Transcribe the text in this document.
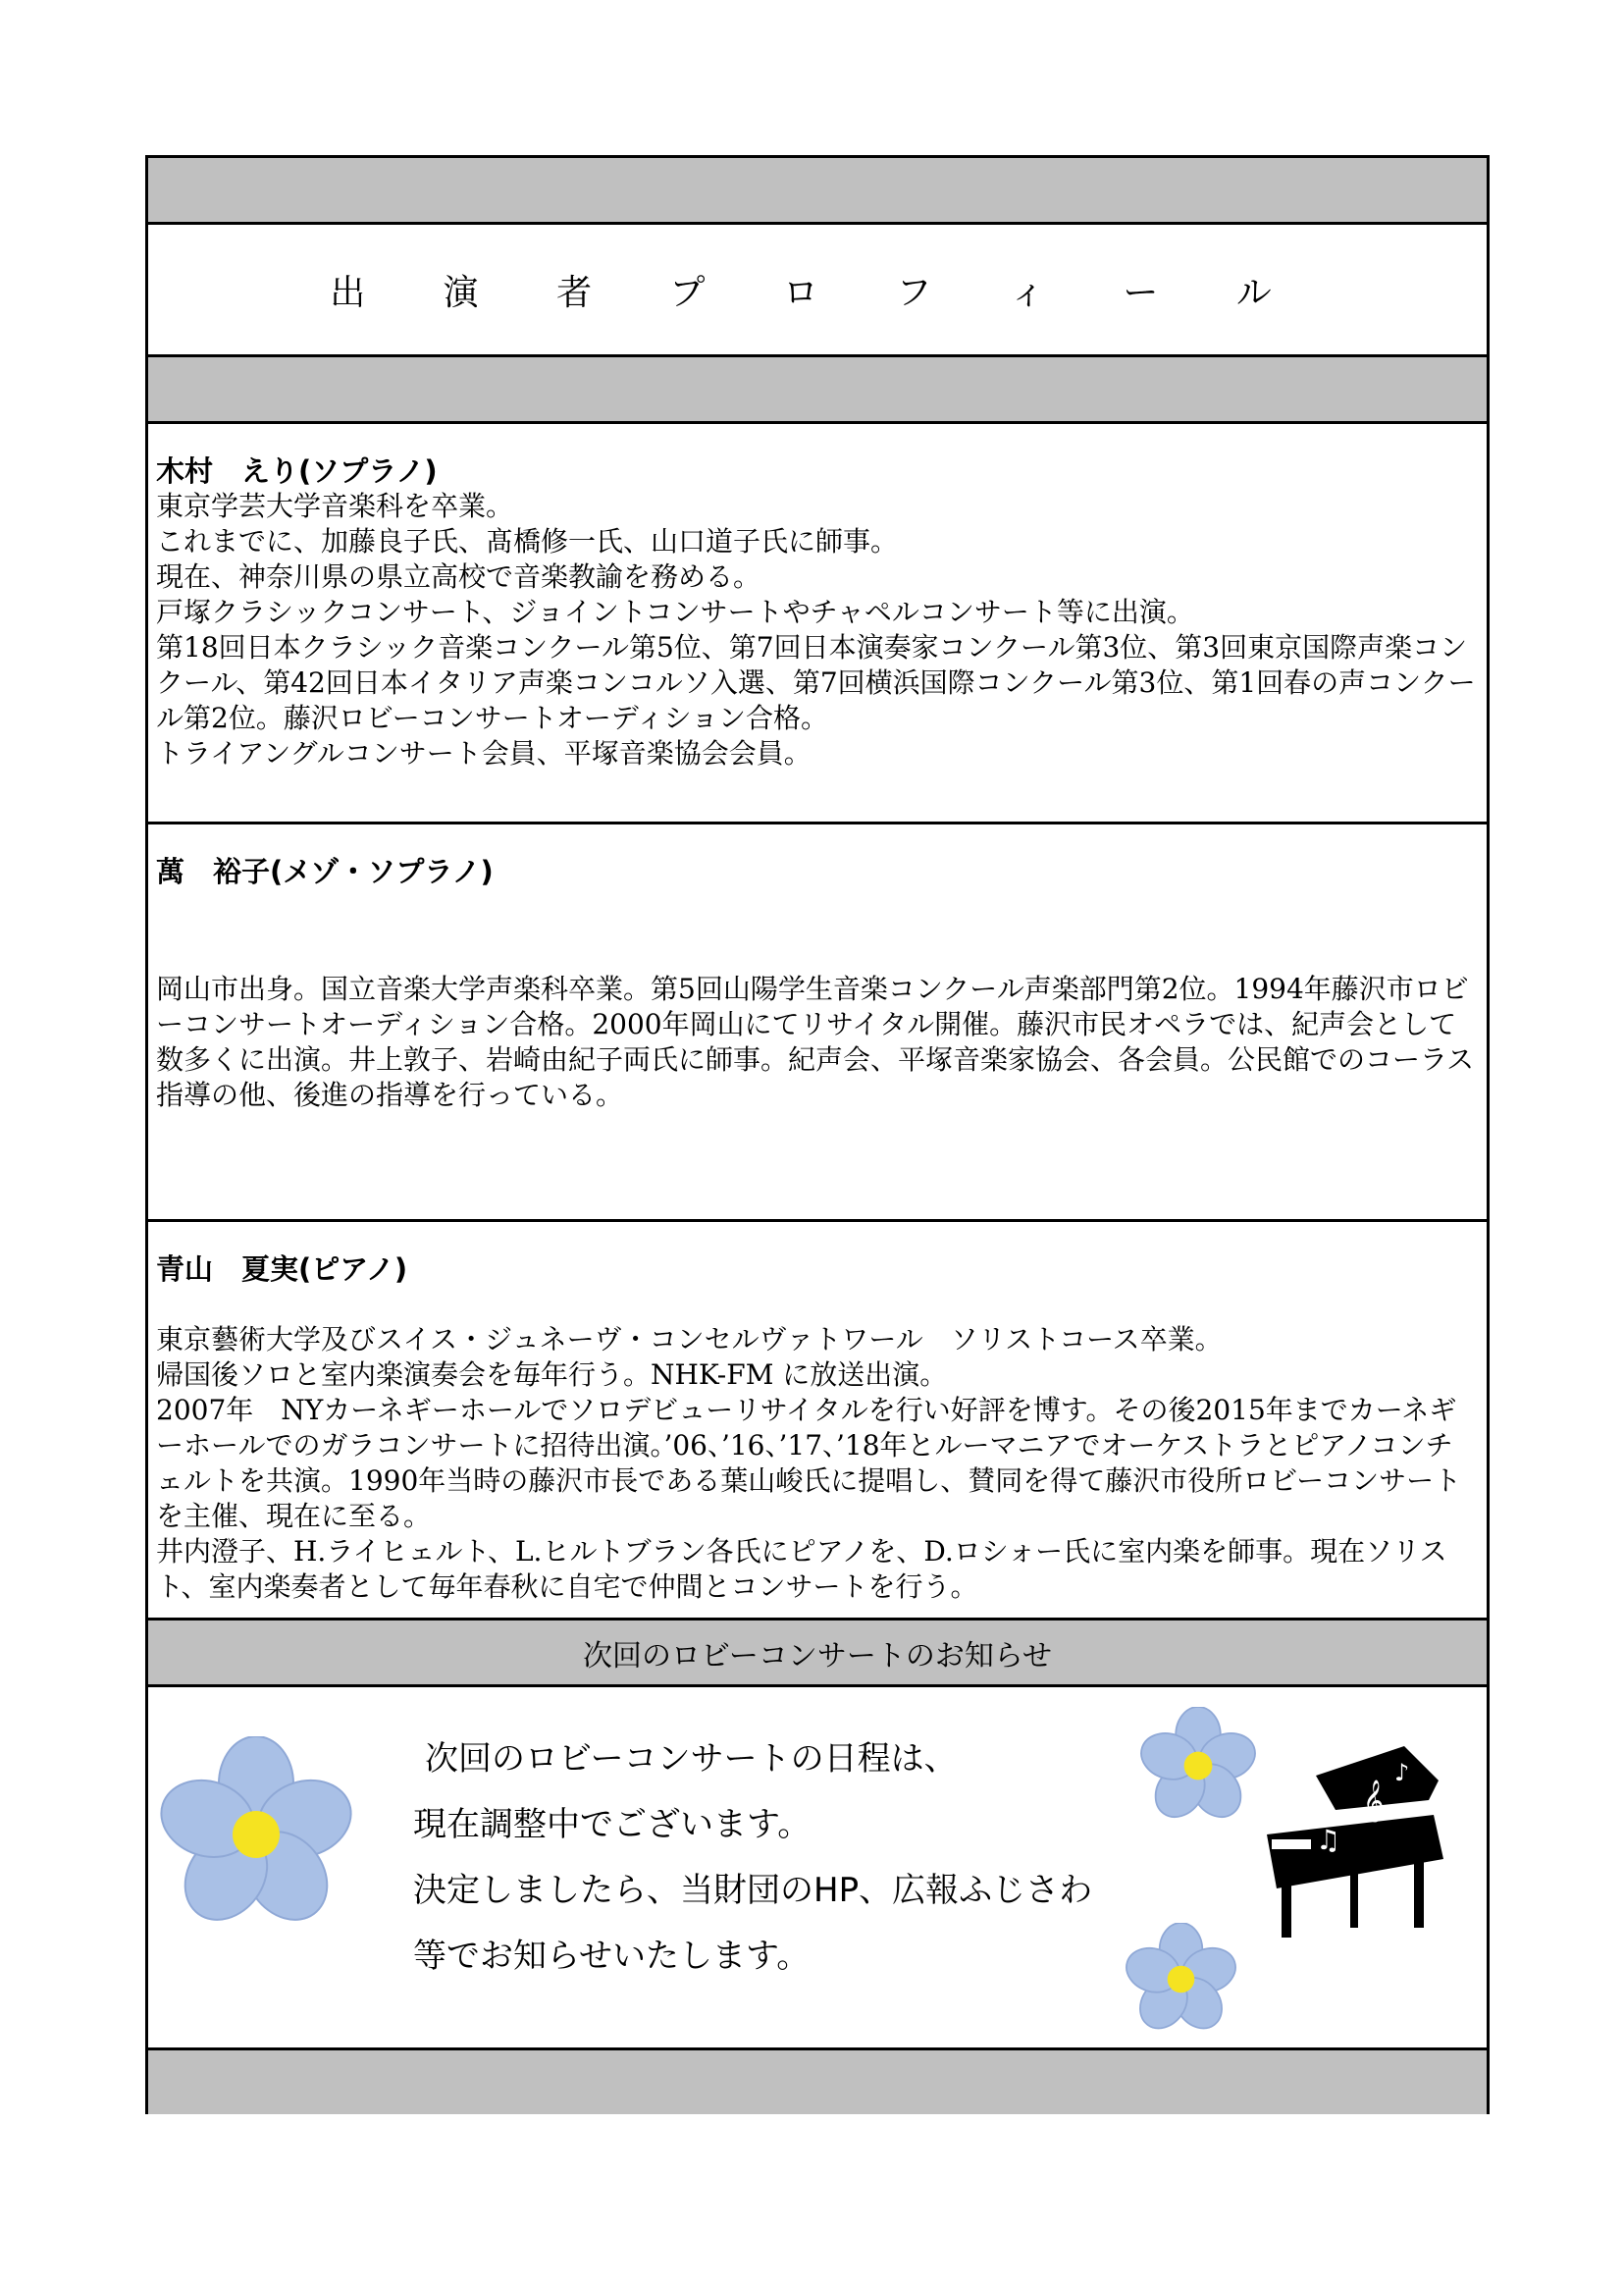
出 演 者 プ ロ フ ィ ー ル
木村　えり(ソプラノ)

東京学芸大学音楽科を卒業。

これまでに、加藤良子氏、髙橋修一氏、山口道子氏に師事。

現在、神奈川県の県立高校で音楽教諭を務める。

戸塚クラシックコンサート、ジョイントコンサートやチャペルコンサート等に出演。

第18回日本クラシック音楽コンクール第5位、第7回日本演奏家コンクール第3位、第3回東京国際声楽コンクール、第42回日本イタリア声楽コンコルソ入選、第7回横浜国際コンクール第3位、第1回春の声コンクール第2位。藤沢ロビーコンサートオーディション合格。

トライアングルコンサート会員、平塚音楽協会会員。

萬　裕子(メゾ・ソプラノ)

岡山市出身。国立音楽大学声楽科卒業。第5回山陽学生音楽コンクール声楽部門第2位。1994年藤沢市ロビーコンサートオーディション合格。2000年岡山にてリサイタル開催。藤沢市民オペラでは、紀声会として数多くに出演。井上敦子、岩崎由紀子両氏に師事。紀声会、平塚音楽家協会、各会員。公民館でのコーラス指導の他、後進の指導を行っている。

青山　夏実(ピアノ)

東京藝術大学及びスイス・ジュネーヴ・コンセルヴァトワール　ソリストコース卒業。

帰国後ソロと室内楽演奏会を毎年行う。NHK-FM に放送出演。

2007年　NYカーネギーホールでソロデビューリサイタルを行い好評を博す。その後2015年までカーネギーホールでのガラコンサートに招待出演。’06、’16、’17、’18年とルーマニアでオーケストラとピアノコンチェルトを共演。1990年当時の藤沢市長である葉山峻氏に提唱し、賛同を得て藤沢市役所ロビーコンサートを主催、現在に至る。

井内澄子、H.ライヒェルト、L.ヒルトブラン各氏にピアノを、D.ロシォー氏に室内楽を師事。現在ソリスト、室内楽奏者として毎年春秋に自宅で仲間とコンサートを行う。

次回のロビーコンサートのお知らせ
次回のロビーコンサートの日程は、
現在調整中でございます。
決定しましたら、当財団のHP、広報ふじさわ
等でお知らせいたします。
𝄞
♫
♪
